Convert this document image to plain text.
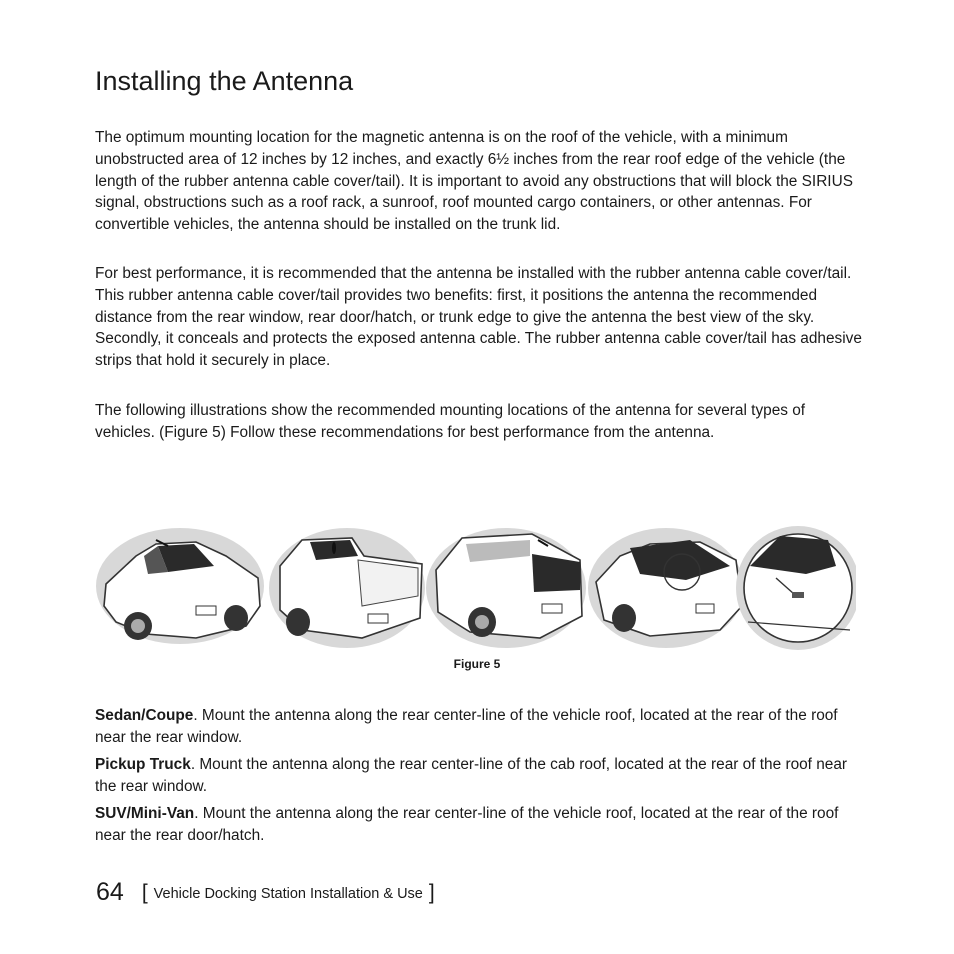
Installing the Antenna

The optimum mounting location for the magnetic antenna is on the roof of the vehicle, with a minimum unobstructed area of 12 inches by 12 inches, and exactly 6½ inches from the rear roof edge of the vehicle (the length of the rubber antenna cable cover/tail). It is important to avoid any obstructions that will block the SIRIUS signal, obstructions such as a roof rack, a sunroof, roof mounted cargo containers, or other antennas. For convertible vehicles, the antenna should be installed on the trunk lid.

For best performance, it is recommended that the antenna be installed with the rubber antenna cable cover/tail. This rubber antenna cable cover/tail provides two benefits: first, it positions the antenna the recommended distance from the rear window, rear door/hatch, or trunk edge to give the antenna the best view of the sky. Secondly, it conceals and protects the exposed antenna cable. The rubber antenna cable cover/tail has adhesive strips that hold it securely in place.

The following illustrations show the recommended mounting locations of the antenna for several types of vehicles. (Figure 5) Follow these recommendations for best performance from the antenna.

Figure 5

Sedan/Coupe. Mount the antenna along the rear center-line of the vehicle roof, located at the rear of the roof near the rear window.

Pickup Truck. Mount the antenna along the rear center-line of the cab roof, located at the rear of the roof near the rear window.

SUV/Mini-Van. Mount the antenna along the rear center-line of the vehicle roof, located at the rear of the roof near the rear door/hatch.

64 [ Vehicle Docking Station Installation & Use ]
